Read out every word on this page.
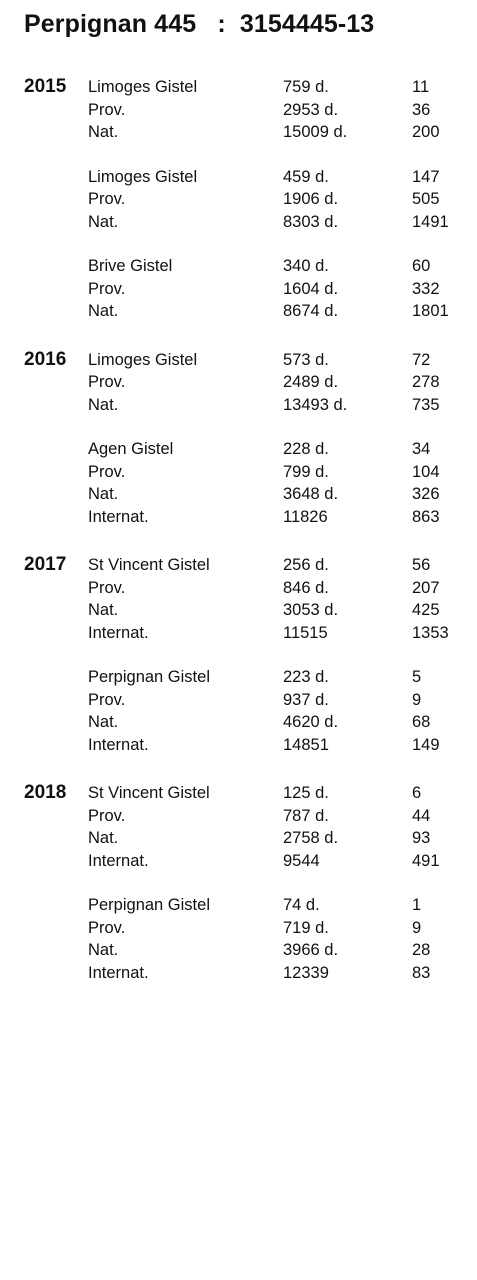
Perpignan 445   :  3154445-13
2015 Limoges Gistel	759 d.	11
Prov.	2953 d.	36
Nat.	15009 d.	200
Limoges Gistel	459 d.	147
Prov.	1906 d.	505
Nat.	8303 d.	1491
Brive Gistel	340 d.	60
Prov.	1604 d.	332
Nat.	8674 d.	1801
2016 Limoges Gistel	573 d.	72
Prov.	2489 d.	278
Nat.	13493 d.	735
Agen Gistel	228 d.	34
Prov.	799 d.	104
Nat.	3648 d.	326
Internat.	11826	863
2017 St Vincent Gistel	256 d.	56
Prov.	846 d.	207
Nat.	3053 d.	425
Internat.	11515	1353
Perpignan Gistel	223 d.	5
Prov.	937 d.	9
Nat.	4620 d.	68
Internat.	14851	149
2018 St Vincent Gistel	125 d.	6
Prov.	787 d.	44
Nat.	2758 d.	93
Internat.	9544	491
Perpignan Gistel	74 d.	1
Prov.	719 d.	9
Nat.	3966 d.	28
Internat.	12339	83
